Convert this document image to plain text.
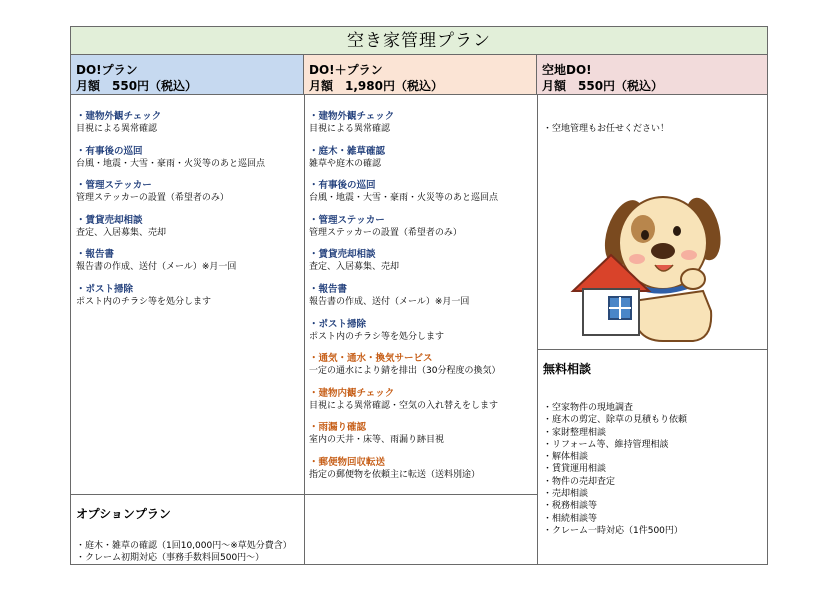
空き家管理プラン
DO!プラン
月額　550円（税込）
DO!＋プラン
月額　1,980円（税込）
空地DO!
月額　550円（税込）
・建物外観チェック
目視による異常確認
・有事後の巡回
台風・地震・大雪・豪雨・火災等のあと巡回点
・管理ステッカー
管理ステッカーの設置（希望者のみ）
・賃貸売却相談
査定、入居募集、売却
・報告書
報告書の作成、送付（メール）※月一回
・ポスト掃除
ポスト内のチラシ等を処分します
・建物外観チェック
目視による異常確認
・庭木・雑草確認
雑草や庭木の確認
・有事後の巡回
台風・地震・大雪・豪雨・火災等のあと巡回点
・管理ステッカー
管理ステッカーの設置（希望者のみ）
・賃貸売却相談
査定、入居募集、売却
・報告書
報告書の作成、送付（メール）※月一回
・ポスト掃除
ポスト内のチラシ等を処分します
・通気・通水・換気サービス
一定の通水により錆を排出（30分程度の換気）
・建物内観チェック
目視による異常確認・空気の入れ替えをします
・雨漏り確認
室内の天井・床等、雨漏り跡目視
・郵便物回収転送
指定の郵便物を依頼主に転送（送料別途）
・空地管理もお任せください！
無料相談
・空家物件の現地調査
・庭木の剪定、除草の見積もり依頼
・家財整理相談
・リフォーム等、維持管理相談
・解体相談
・賃貸運用相談
・物件の売却査定
・売却相談
・税務相談等
・相続相談等
・クレーム一時対応（1件500円）
オプションプラン
・庭木・雑草の確認（1回10,000円～※草処分費含）
・クレーム初期対応（事務手数料回500円～）
